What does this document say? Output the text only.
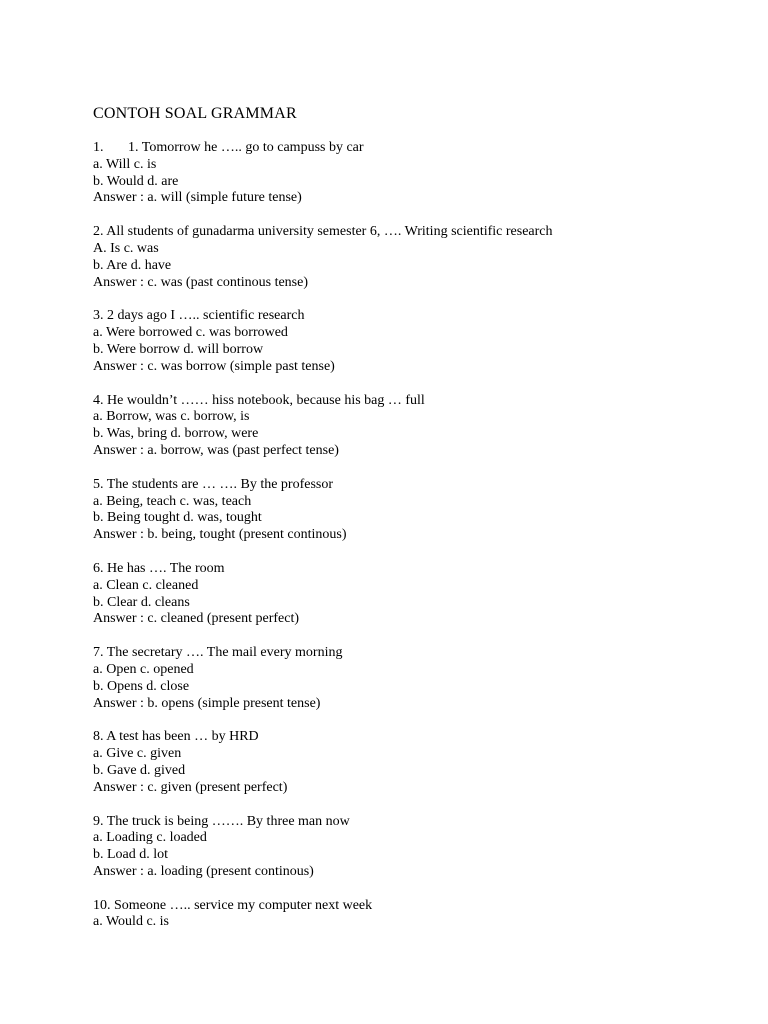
CONTOH SOAL GRAMMAR
1. 1. Tomorrow he ….. go to campuss by car
a. Will c. is
b. Would d. are
Answer : a. will (simple future tense)
2. All students of gunadarma university semester 6, …. Writing scientific research
A. Is c. was
b. Are d. have
Answer : c. was (past continous tense)
3. 2 days ago I ….. scientific research
a. Were borrowed c. was borrowed
b. Were borrow d. will borrow
Answer : c. was borrow (simple past tense)
4. He wouldn’t …… hiss notebook, because his bag … full
a. Borrow, was c. borrow, is
b. Was, bring d. borrow, were
Answer : a. borrow, was (past perfect tense)
5. The students are … …. By the professor
a. Being, teach c. was, teach
b. Being tought d. was, tought
Answer : b. being, tought (present continous)
6. He has …. The room
a. Clean c. cleaned
b. Clear d. cleans
Answer : c. cleaned (present perfect)
7. The secretary …. The mail every morning
a. Open c. opened
b. Opens d. close
Answer : b. opens (simple present tense)
8. A test has been … by HRD
a. Give c. given
b. Gave d. gived
Answer : c. given (present perfect)
9. The truck is being ……. By three man now
a. Loading c. loaded
b. Load d. lot
Answer : a. loading (present continous)
10. Someone ….. service my computer next week
a. Would c. is
